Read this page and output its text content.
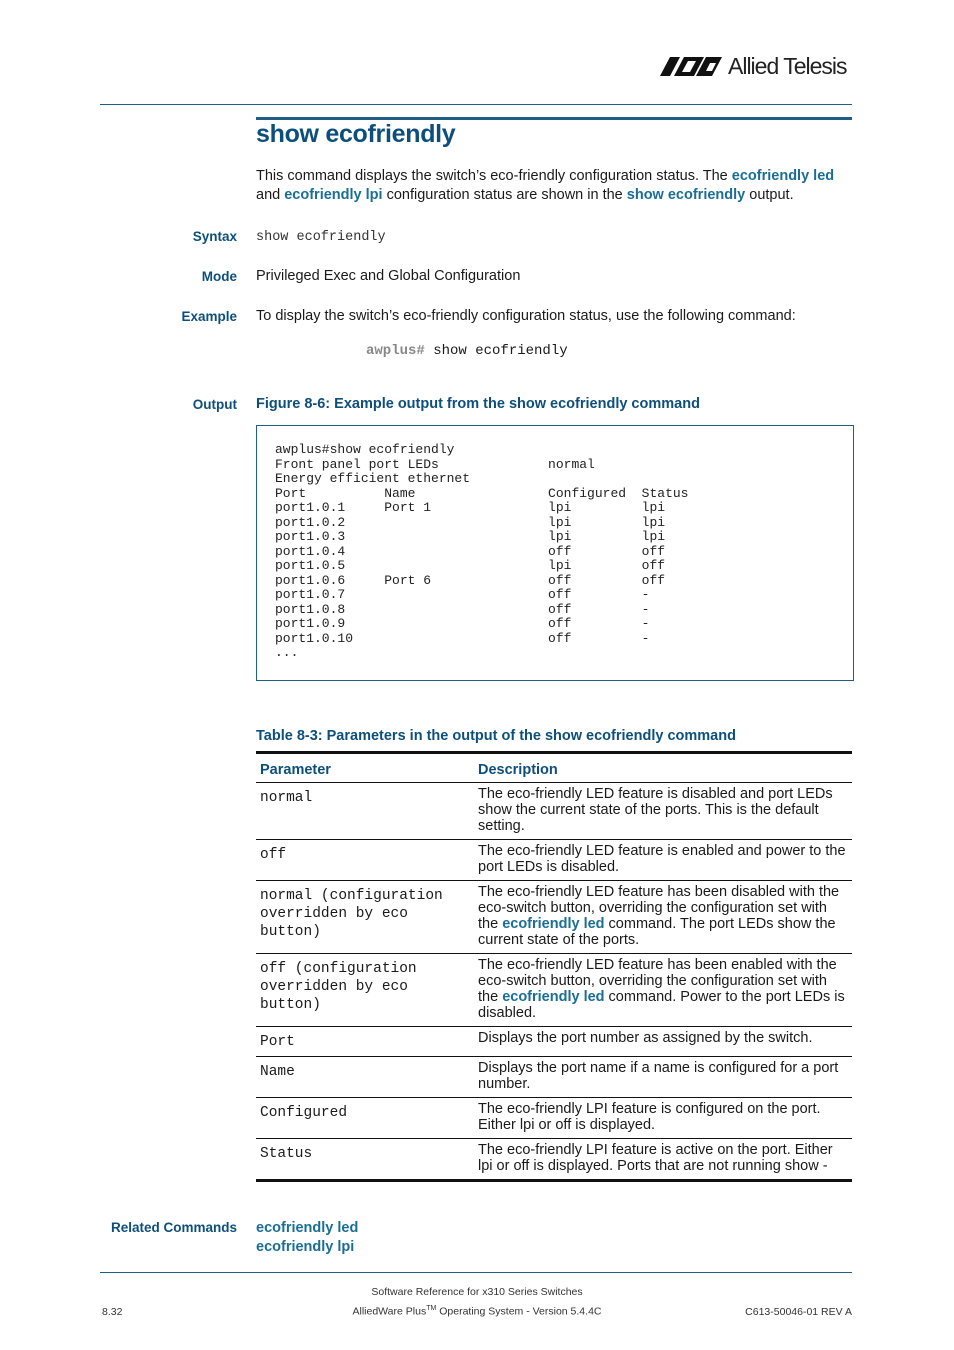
Allied Telesis
show ecofriendly
This command displays the switch’s eco-friendly configuration status. The ecofriendly led and ecofriendly lpi configuration status are shown in the show ecofriendly output.
Syntax show ecofriendly
Mode Privileged Exec and Global Configuration
Example To display the switch’s eco-friendly configuration status, use the following command:
awplus# show ecofriendly
Output Figure 8-6: Example output from the show ecofriendly command
awplus#show ecofriendly
Front panel port LEDs              normal
Energy efficient ethernet
Port          Name                 Configured  Status
port1.0.1     Port 1               lpi         lpi
port1.0.2                          lpi         lpi
port1.0.3                          lpi         lpi
port1.0.4                          off         off
port1.0.5                          lpi         off
port1.0.6     Port 6               off         off
port1.0.7                          off         -
port1.0.8                          off         -
port1.0.9                          off         -
port1.0.10                         off         -
...
Table 8-3: Parameters in the output of the show ecofriendly command
Parameter	Description
normal	The eco-friendly LED feature is disabled and port LEDs show the current state of the ports. This is the default setting.
off	The eco-friendly LED feature is enabled and power to the port LEDs is disabled.
normal (configuration overridden by eco button)	The eco-friendly LED feature has been disabled with the eco-switch button, overriding the configuration set with the ecofriendly led command. The port LEDs show the current state of the ports.
off (configuration overridden by eco button)	The eco-friendly LED feature has been enabled with the eco-switch button, overriding the configuration set with the ecofriendly led command. Power to the port LEDs is disabled.
Port	Displays the port number as assigned by the switch.
Name	Displays the port name if a name is configured for a port number.
Configured	The eco-friendly LPI feature is configured on the port. Either lpi or off is displayed.
Status	The eco-friendly LPI feature is active on the port. Either lpi or off is displayed. Ports that are not running show -
Related Commands ecofriendly led
ecofriendly lpi
Software Reference for x310 Series Switches
AlliedWare Plus™ Operating System - Version 5.4.4C
8.32	C613-50046-01 REV A
